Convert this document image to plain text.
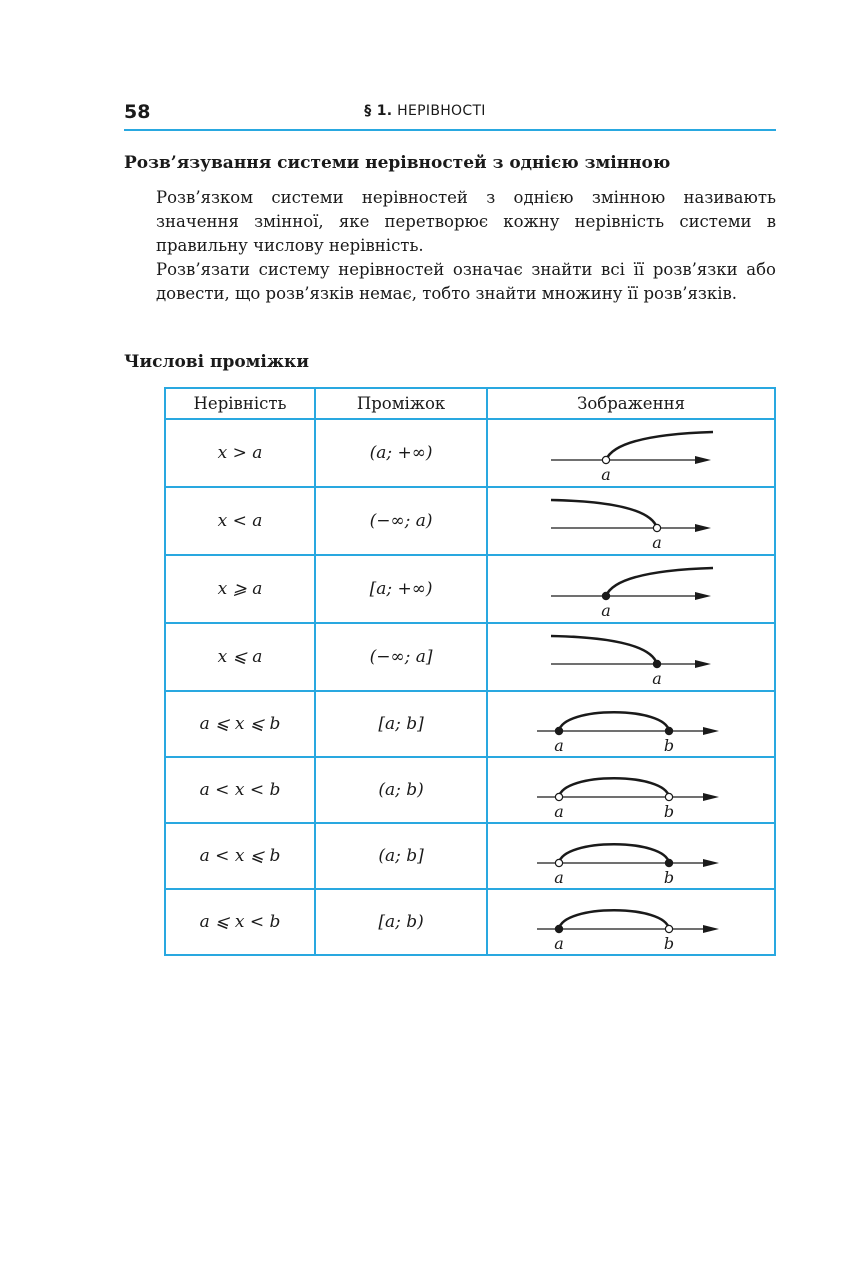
58	§ 1. НЕРІВНОСТІ
Розв’язування системи нерівностей з однією змінною

Розв’язком системи нерівностей з однією змінною називають значення змінної, яке перетворює кожну нерівність системи в правильну числову нерівність.

Розв’язати систему нерівностей означає знайти всі її розв’язки або довести, що розв’язків немає, тобто знайти множину її розв’язків.

Числові проміжки
Нерівність	Проміжок	Зображення
x > a	(a; +∞)	a

x < a	(−∞; a)	a

x ⩾ a	[a; +∞)	a

x ⩽ a	(−∞; a]	a

a ⩽ x ⩽ b	[a; b]	a b

a < x < b	(a; b)	a b

a < x ⩽ b	(a; b]	a b

a ⩽ x < b	[a; b)	a b
